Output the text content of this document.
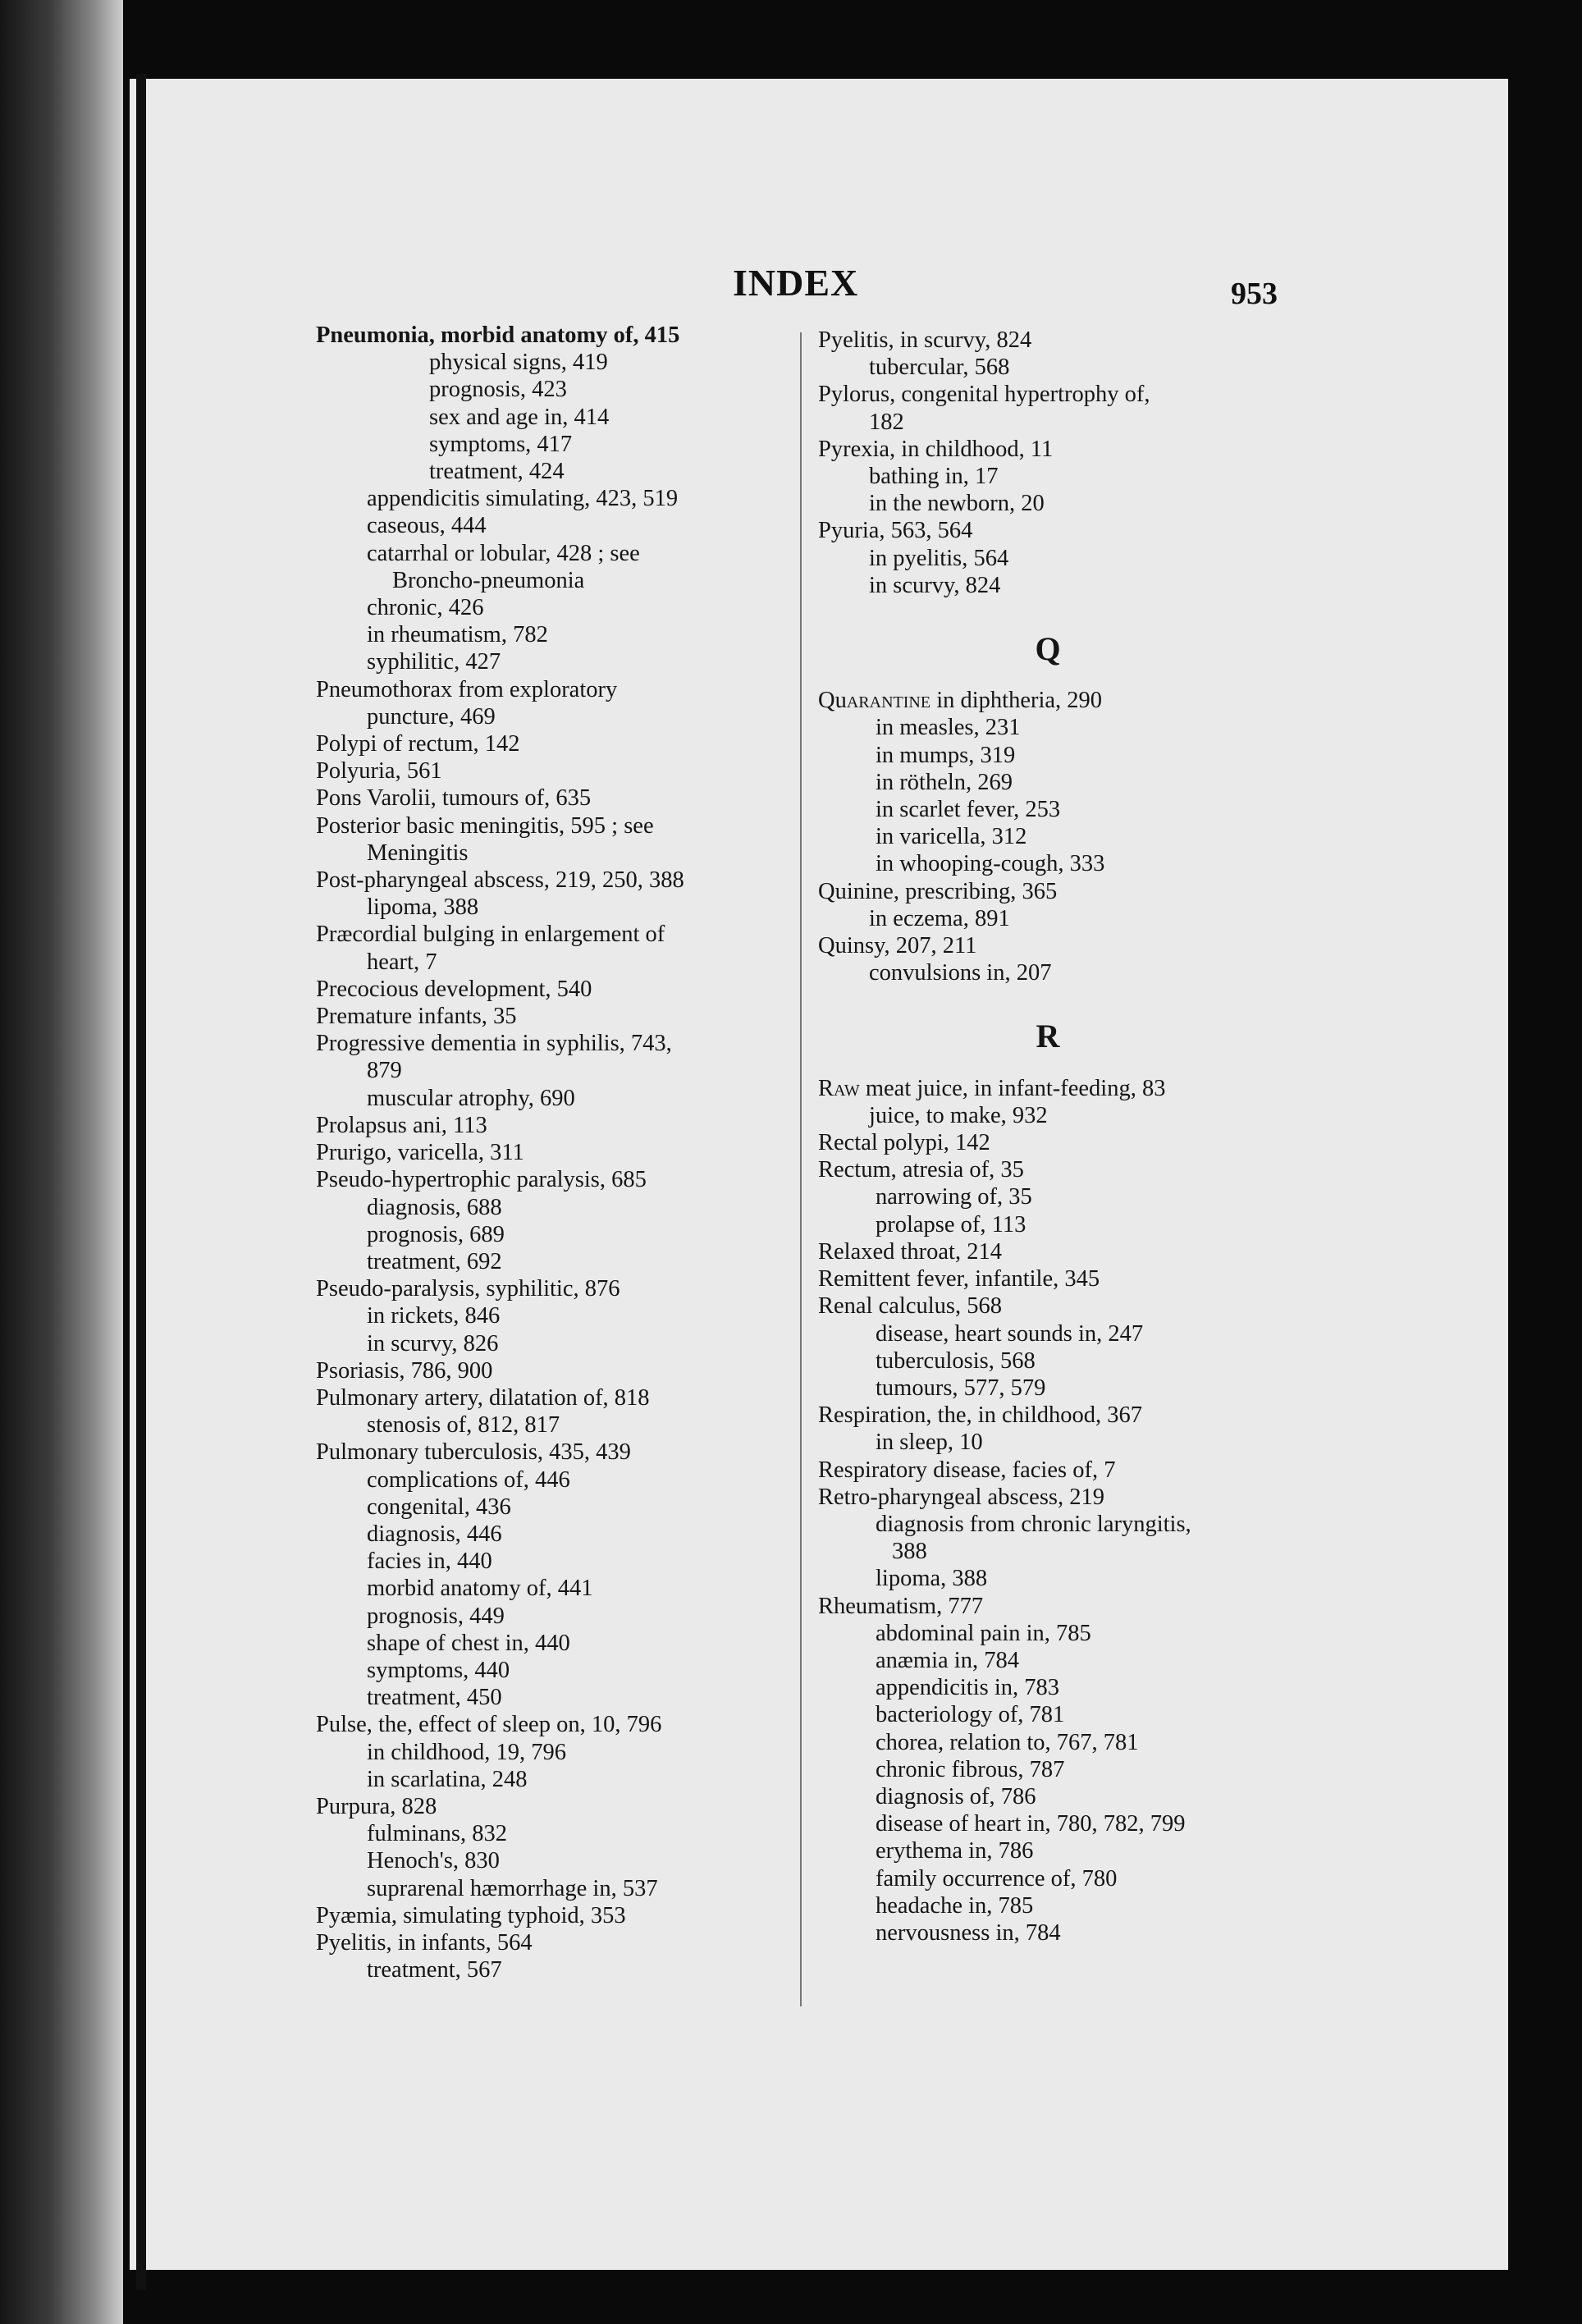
INDEX	953
Pneumonia, morbid anatomy of, 415
physical signs, 419
prognosis, 423
sex and age in, 414
symptoms, 417
treatment, 424
appendicitis simulating, 423, 519
caseous, 444
catarrhal or lobular, 428 ; see
Broncho-pneumonia
chronic, 426
in rheumatism, 782
syphilitic, 427
Pneumothorax from exploratory
puncture, 469
Polypi of rectum, 142
Polyuria, 561
Pons Varolii, tumours of, 635
Posterior basic meningitis, 595 ; see
Meningitis
Post-pharyngeal abscess, 219, 250, 388
lipoma, 388
Præcordial bulging in enlargement of
heart, 7
Precocious development, 540
Premature infants, 35
Progressive dementia in syphilis, 743,
879
muscular atrophy, 690
Prolapsus ani, 113
Prurigo, varicella, 311
Pseudo-hypertrophic paralysis, 685
diagnosis, 688
prognosis, 689
treatment, 692
Pseudo-paralysis, syphilitic, 876
in rickets, 846
in scurvy, 826
Psoriasis, 786, 900
Pulmonary artery, dilatation of, 818
stenosis of, 812, 817
Pulmonary tuberculosis, 435, 439
complications of, 446
congenital, 436
diagnosis, 446
facies in, 440
morbid anatomy of, 441
prognosis, 449
shape of chest in, 440
symptoms, 440
treatment, 450
Pulse, the, effect of sleep on, 10, 796
in childhood, 19, 796
in scarlatina, 248
Purpura, 828
fulminans, 832
Henoch's, 830
suprarenal hæmorrhage in, 537
Pyæmia, simulating typhoid, 353
Pyelitis, in infants, 564
treatment, 567
Pyelitis, in scurvy, 824
tubercular, 568
Pylorus, congenital hypertrophy of,
182
Pyrexia, in childhood, 11
bathing in, 17
in the newborn, 20
Pyuria, 563, 564
in pyelitis, 564
in scurvy, 824
Q
Quarantine in diphtheria, 290
in measles, 231
in mumps, 319
in rötheln, 269
in scarlet fever, 253
in varicella, 312
in whooping-cough, 333
Quinine, prescribing, 365
in eczema, 891
Quinsy, 207, 211
convulsions in, 207
R
Raw meat juice, in infant-feeding, 83
juice, to make, 932
Rectal polypi, 142
Rectum, atresia of, 35
narrowing of, 35
prolapse of, 113
Relaxed throat, 214
Remittent fever, infantile, 345
Renal calculus, 568
disease, heart sounds in, 247
tuberculosis, 568
tumours, 577, 579
Respiration, the, in childhood, 367
in sleep, 10
Respiratory disease, facies of, 7
Retro-pharyngeal abscess, 219
diagnosis from chronic laryngitis,
388
lipoma, 388
Rheumatism, 777
abdominal pain in, 785
anæmia in, 784
appendicitis in, 783
bacteriology of, 781
chorea, relation to, 767, 781
chronic fibrous, 787
diagnosis of, 786
disease of heart in, 780, 782, 799
erythema in, 786
family occurrence of, 780
headache in, 785
nervousness in, 784
